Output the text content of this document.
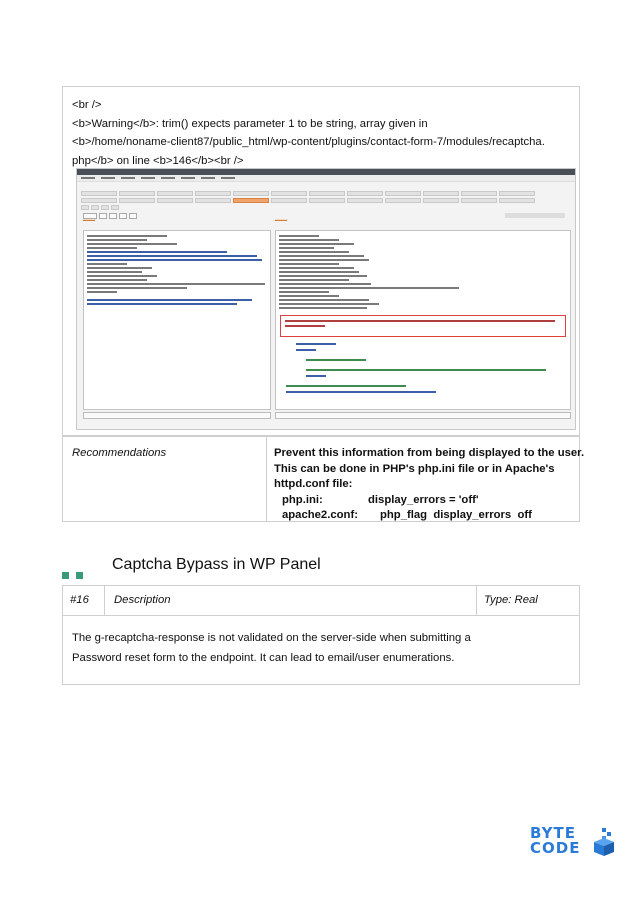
<br />
<b>Warning</b>: trim() expects parameter 1 to be string, array given in
<b>/home/noname-client87/public_html/wp-content/plugins/contact-form-7/modules/recaptcha.
php</b> on line <b>146</b><br />
▬▬▬	▬▬▬
Recommendations	Prevent this information from being displayed to the user.
This can be done in PHP's php.ini file or in Apache's
httpd.conf file:
php.ini:	display_errors = 'off'
apache2.conf: php_flag  display_errors  off
Captcha Bypass in WP Panel
#16 Description	Type: Real
The g-recaptcha-response is not validated on the server-side when submitting a
Password reset form to the endpoint. It can lead to email/user enumerations.
BYTE
CODE
